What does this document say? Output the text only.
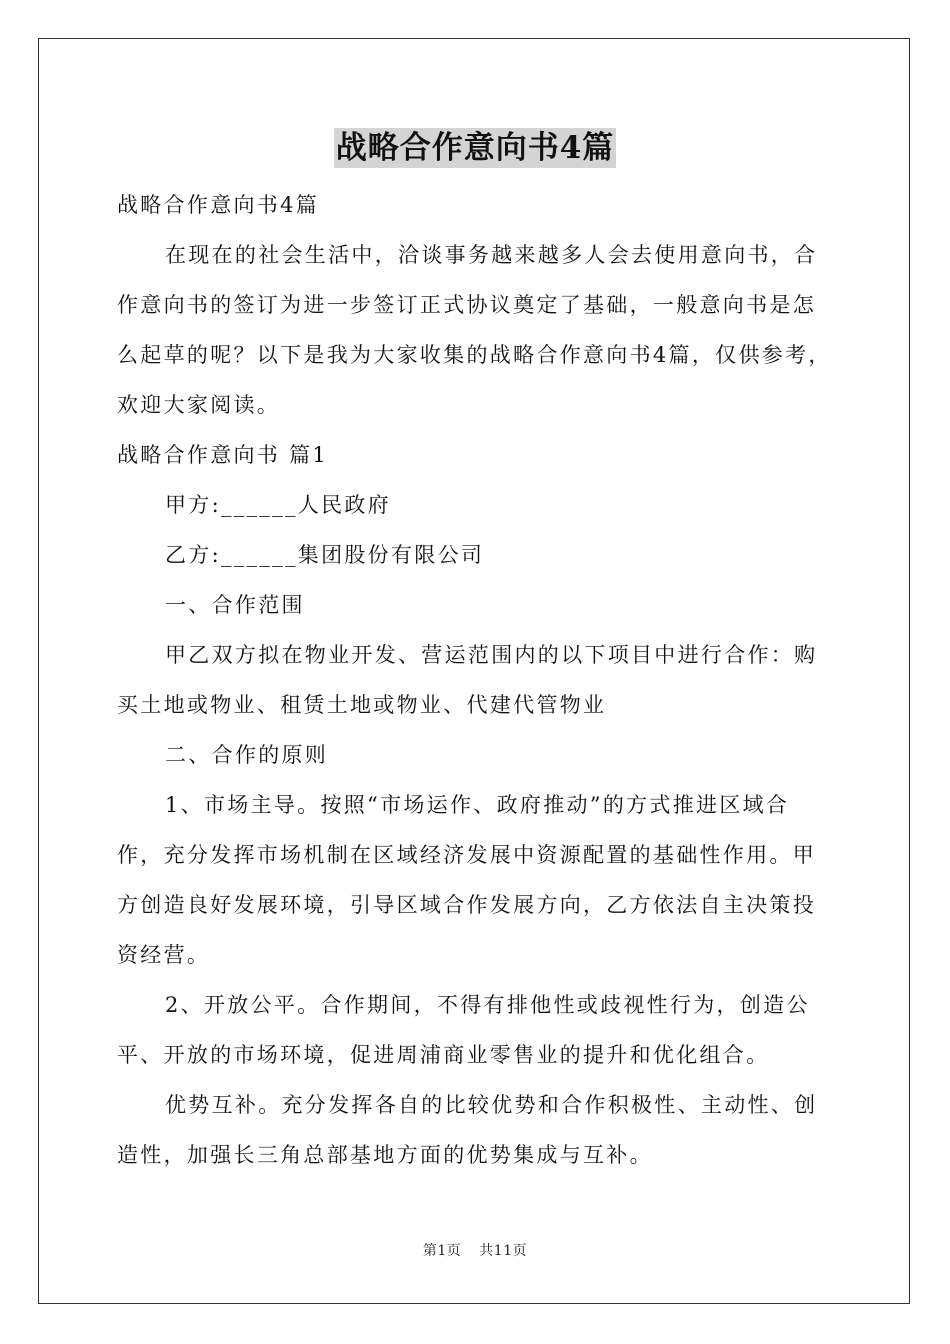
战略合作意向书4篇
战略合作意向书4篇
在现在的社会生活中，洽谈事务越来越多人会去使用意向书，合
作意向书的签订为进一步签订正式协议奠定了基础，一般意向书是怎
么起草的呢？以下是我为大家收集的战略合作意向书4篇，仅供参考，
欢迎大家阅读。
战略合作意向书 篇1
甲方:______人民政府
乙方:______集团股份有限公司
一、合作范围
甲乙双方拟在物业开发、营运范围内的以下项目中进行合作：购
买土地或物业、租赁土地或物业、代建代管物业
二、合作的原则
1、市场主导。按照“市场运作、政府推动”的方式推进区域合
作，充分发挥市场机制在区域经济发展中资源配置的基础性作用。甲
方创造良好发展环境，引导区域合作发展方向，乙方依法自主决策投
资经营。
2、开放公平。合作期间，不得有排他性或歧视性行为，创造公
平、开放的市场环境，促进周浦商业零售业的提升和优化组合。
优势互补。充分发挥各自的比较优势和合作积极性、主动性、创
造性，加强长三角总部基地方面的优势集成与互补。
第1页 共11页
